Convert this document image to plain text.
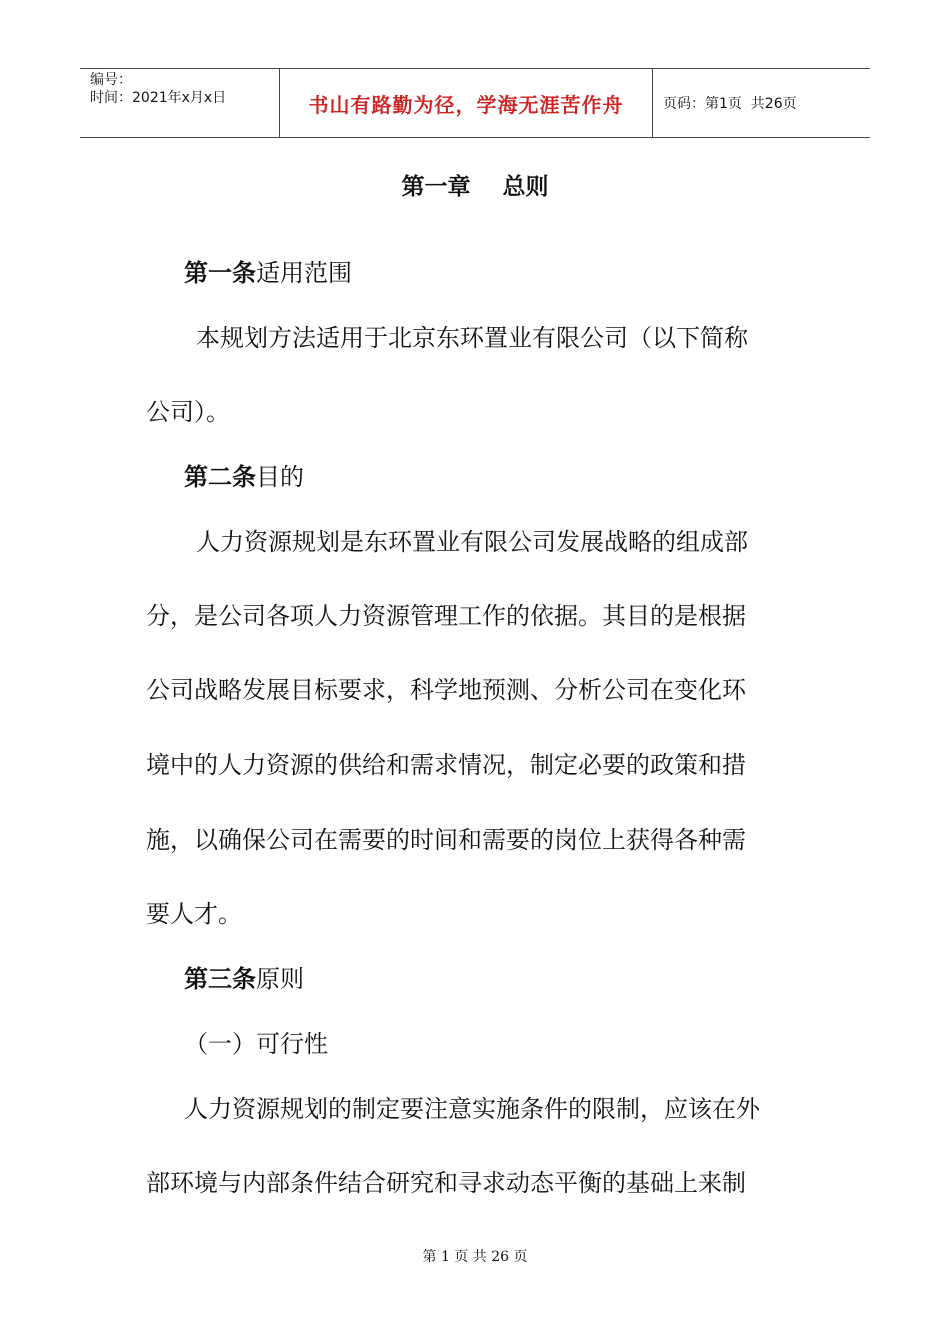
编号：
时间：2021年x月x日	书山有路勤为径，学海无涯苦作舟	页码：第1页  共26页
第一章    总则
第一条适用范围
本规划方法适用于北京东环置业有限公司（以下简称
公司）。
第二条目的
人力资源规划是东环置业有限公司发展战略的组成部
分，是公司各项人力资源管理工作的依据。其目的是根据
公司战略发展目标要求，科学地预测、分析公司在变化环
境中的人力资源的供给和需求情况，制定必要的政策和措
施，以确保公司在需要的时间和需要的岗位上获得各种需
要人才。
第三条原则
（一）可行性
人力资源规划的制定要注意实施条件的限制，应该在外
部环境与内部条件结合研究和寻求动态平衡的基础上来制
第 1 页 共 26 页
